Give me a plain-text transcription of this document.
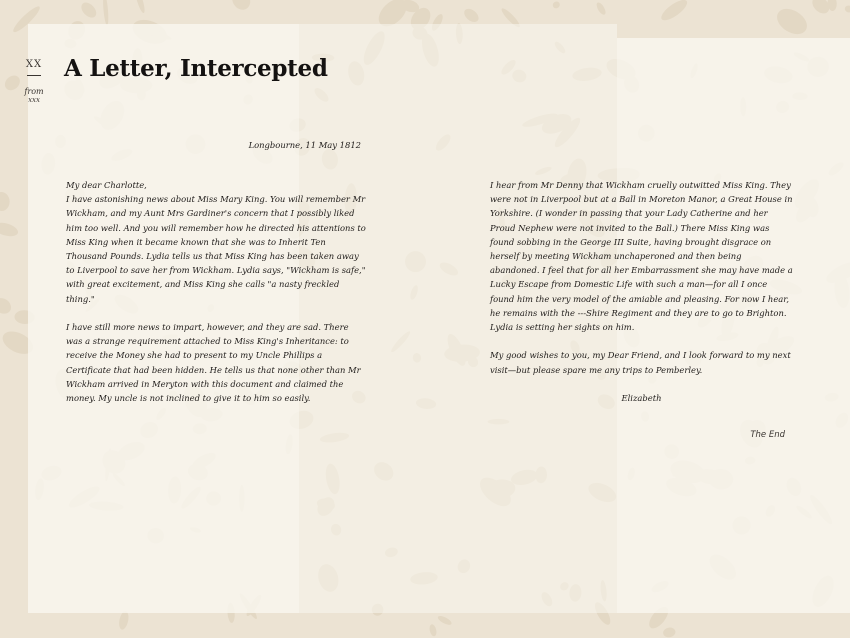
XX
from
xxx
A Letter, Intercepted
Longbourne, 11 May 1812

My dear Charlotte,
I have astonishing news about Miss Mary King. You will remember Mr Wickham, and my Aunt Mrs Gardiner's concern that I possibly liked him too well. And you will remember how he directed his attentions to Miss King when it became known that she was to Inherit Ten Thousand Pounds. Lydia tells us that Miss King has been taken away to Liverpool to save her from Wickham. Lydia says, "Wickham is safe," with great excitement, and Miss King she calls "a nasty freckled thing."

I have still more news to impart, however, and they are sad. There was a strange requirement attached to Miss King's Inheritance: to receive the Money she had to present to my Uncle Phillips a Certificate that had been hidden. He tells us that none other than Mr Wickham arrived in Meryton with this document and claimed the money. My uncle is not inclined to give it to him so easily.

I hear from Mr Denny that Wickham cruelly outwitted Miss King. They were not in Liverpool but at a Ball in Moreton Manor, a Great House in Yorkshire. (I wonder in passing that your Lady Catherine and her Proud Nephew were not invited to the Ball.) There Miss King was found sobbing in the George III Suite, having brought disgrace on herself by meeting Wickham unchaperoned and then being abandoned. I feel that for all her Embarrassment she may have made a Lucky Escape from Domestic Life with such a man—for all I once found him the very model of the amiable and pleasing. For now I hear, he remains with the ---Shire Regiment and they are to go to Brighton. Lydia is setting her sights on him.

My good wishes to you, my Dear Friend, and I look forward to my next visit—but please spare me any trips to Pemberley.

Elizabeth

The End
